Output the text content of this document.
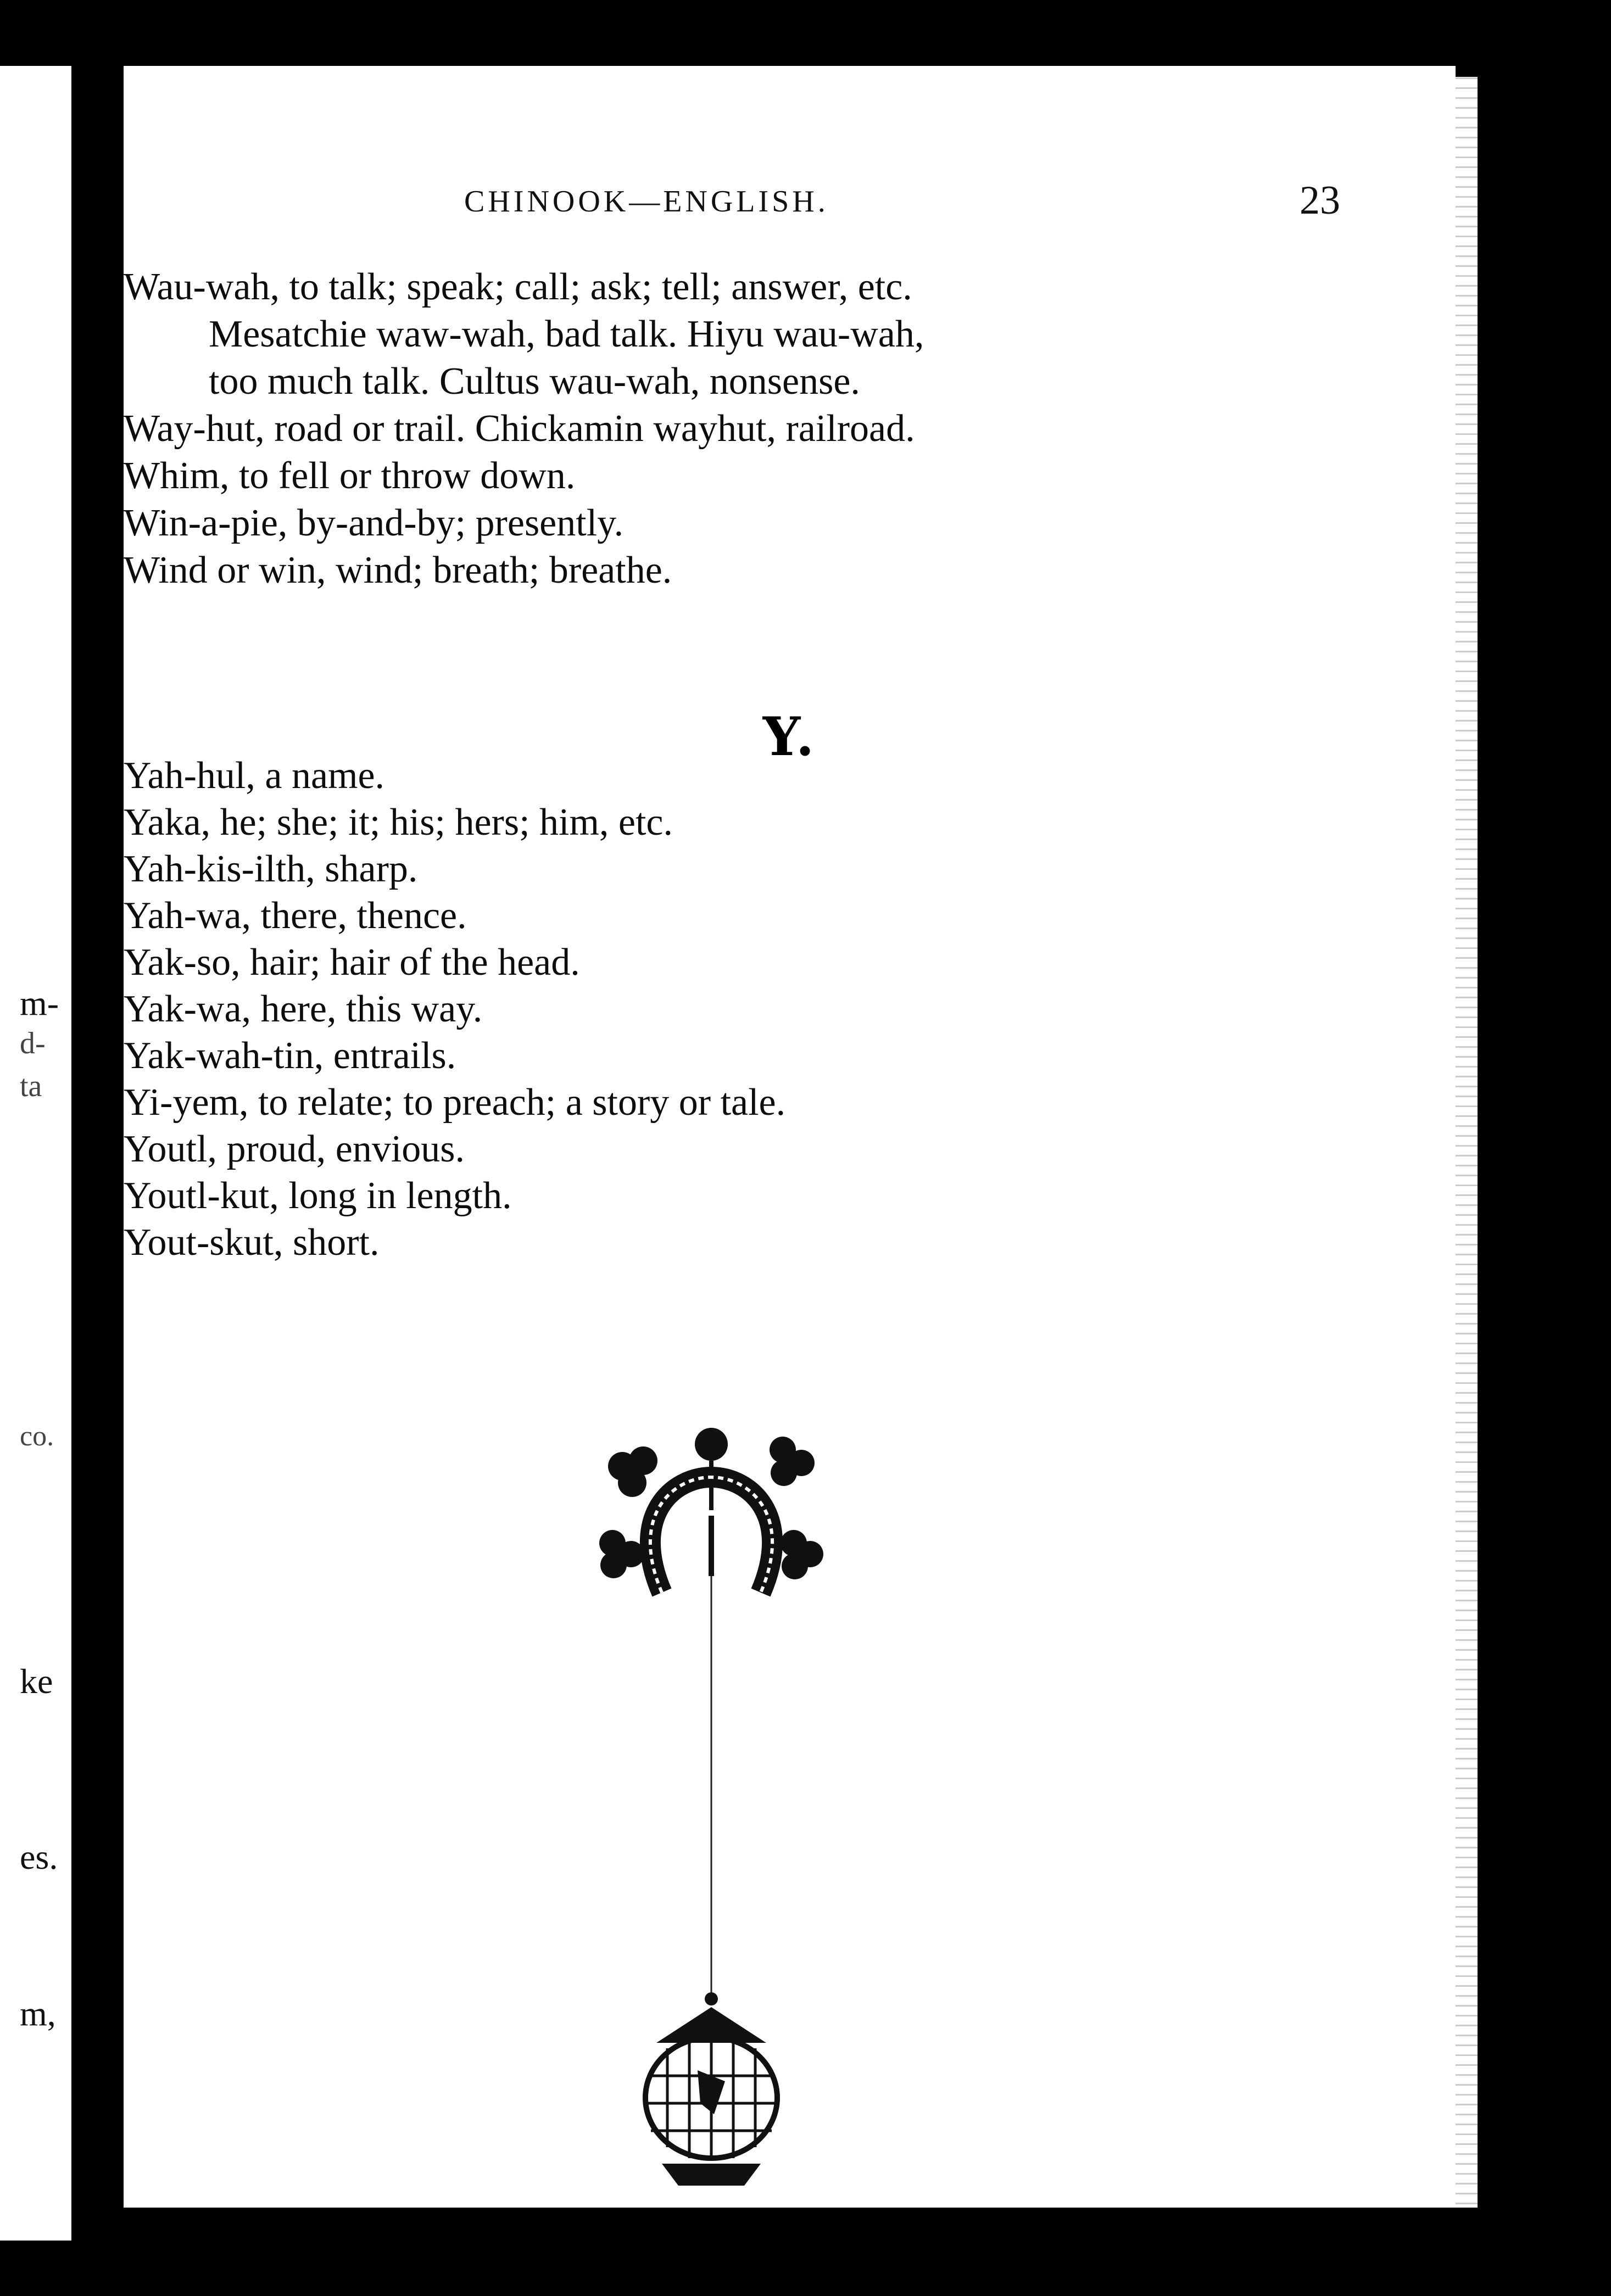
m-
d-
ta
co.
ke
es.
m,
CHINOOK—ENGLISH.	23
Wau-wah, to talk; speak; call; ask; tell; answer, etc.
Mesatchie waw-wah, bad talk. Hiyu wau-wah,
too much talk. Cultus wau-wah, nonsense.
Way-hut, road or trail. Chickamin wayhut, railroad.
Whim, to fell or throw down.
Win-a-pie, by-and-by; presently.
Wind or win, wind; breath; breathe.
Y.
Yah-hul, a name.
Yaka, he; she; it; his; hers; him, etc.
Yah-kis-ilth, sharp.
Yah-wa, there, thence.
Yak-so, hair; hair of the head.
Yak-wa, here, this way.
Yak-wah-tin, entrails.
Yi-yem, to relate; to preach; a story or tale.
Youtl, proud, envious.
Youtl-kut, long in length.
Yout-skut, short.
